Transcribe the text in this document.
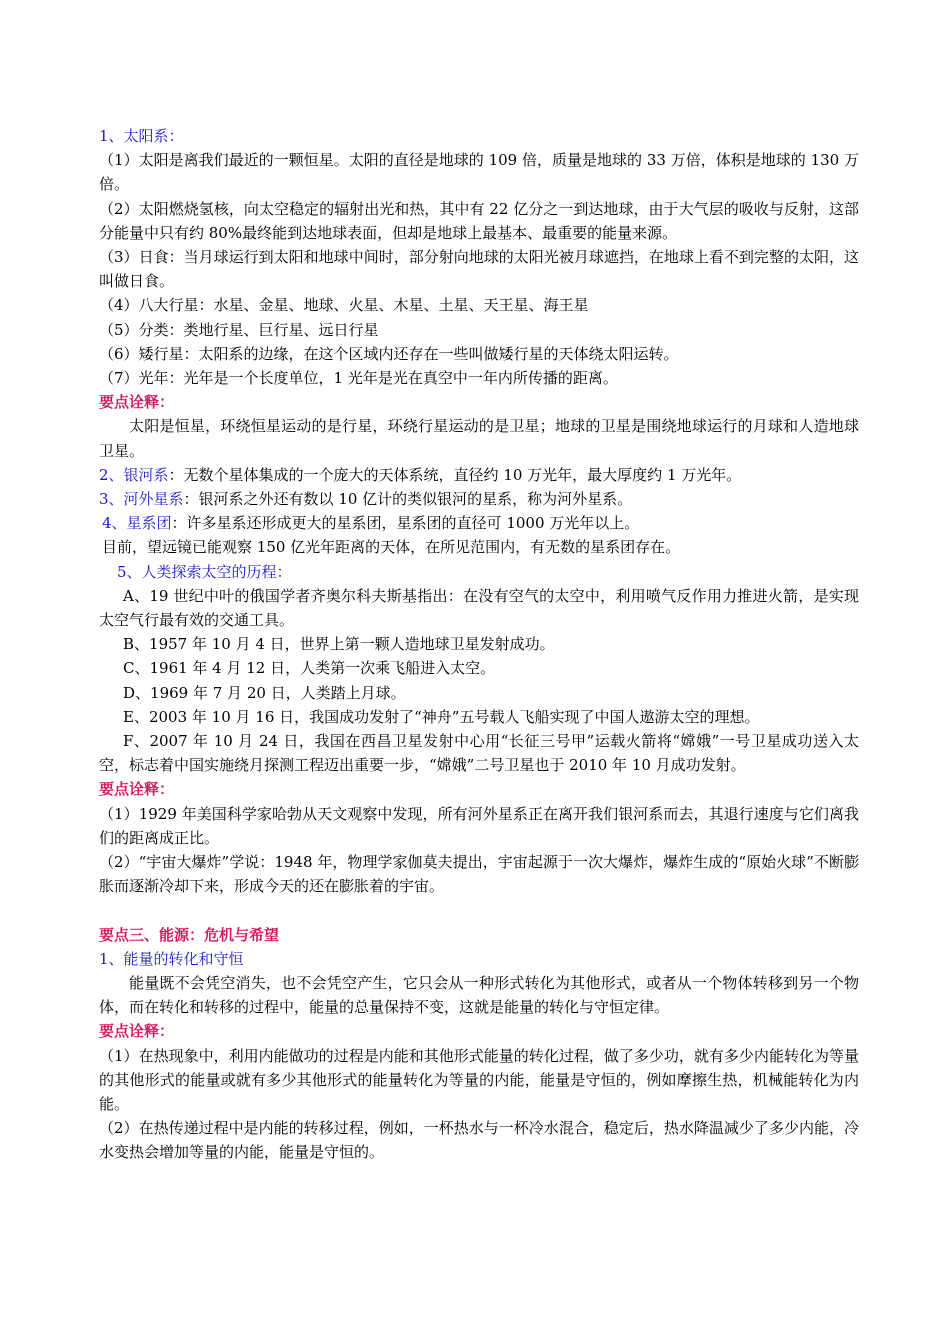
1、太阳系：
（1）太阳是离我们最近的一颗恒星。太阳的直径是地球的 109 倍，质量是地球的 33 万倍，体积是地球的 130 万倍。
（2）太阳燃烧氢核，向太空稳定的辐射出光和热，其中有 22 亿分之一到达地球，由于大气层的吸收与反射，这部分能量中只有约 80%最终能到达地球表面，但却是地球上最基本、最重要的能量来源。
（3）日食：当月球运行到太阳和地球中间时，部分射向地球的太阳光被月球遮挡，在地球上看不到完整的太阳，这叫做日食。
（4）八大行星：水星、金星、地球、火星、木星、土星、天王星、海王星
（5）分类：类地行星、巨行星、远日行星
（6）矮行星：太阳系的边缘，在这个区域内还存在一些叫做矮行星的天体绕太阳运转。
（7）光年：光年是一个长度单位，1 光年是光在真空中一年内所传播的距离。
要点诠释：
太阳是恒星，环绕恒星运动的是行星，环绕行星运动的是卫星；地球的卫星是围绕地球运行的月球和人造地球卫星。
2、银河系：无数个星体集成的一个庞大的天体系统，直径约 10 万光年，最大厚度约 1 万光年。
3、河外星系：银河系之外还有数以 10 亿计的类似银河的星系，称为河外星系。
4、星系团：许多星系还形成更大的星系团，星系团的直径可 1000 万光年以上。
目前，望远镜已能观察 150 亿光年距离的天体，在所见范围内，有无数的星系团存在。
5、人类探索太空的历程：
A、19 世纪中叶的俄国学者齐奥尔科夫斯基指出：在没有空气的太空中，利用喷气反作用力推进火箭，是实现太空气行最有效的交通工具。
B、1957 年 10 月 4 日，世界上第一颗人造地球卫星发射成功。
C、1961 年 4 月 12 日，人类第一次乘飞船进入太空。
D、1969 年 7 月 20 日，人类踏上月球。
E、2003 年 10 月 16 日，我国成功发射了“神舟”五号载人飞船实现了中国人遨游太空的理想。
F、2007 年 10 月 24 日，我国在西昌卫星发射中心用“长征三号甲”运载火箭将“嫦娥”一号卫星成功送入太空，标志着中国实施绕月探测工程迈出重要一步，“嫦娥”二号卫星也于 2010 年 10 月成功发射。
要点诠释：
（1）1929 年美国科学家哈勃从天文观察中发现，所有河外星系正在离开我们银河系而去，其退行速度与它们离我们的距离成正比。
（2）“宇宙大爆炸”学说：1948 年，物理学家伽莫夫提出，宇宙起源于一次大爆炸，爆炸生成的“原始火球”不断膨胀而逐渐冷却下来，形成今天的还在膨胀着的宇宙。
要点三、能源：危机与希望
1、能量的转化和守恒
能量既不会凭空消失，也不会凭空产生，它只会从一种形式转化为其他形式，或者从一个物体转移到另一个物体，而在转化和转移的过程中，能量的总量保持不变，这就是能量的转化与守恒定律。
要点诠释：
（1）在热现象中，利用内能做功的过程是内能和其他形式能量的转化过程，做了多少功，就有多少内能转化为等量的其他形式的能量或就有多少其他形式的能量转化为等量的内能，能量是守恒的，例如摩擦生热，机械能转化为内能。
（2）在热传递过程中是内能的转移过程，例如，一杯热水与一杯冷水混合，稳定后，热水降温减少了多少内能，冷水变热会增加等量的内能，能量是守恒的。
